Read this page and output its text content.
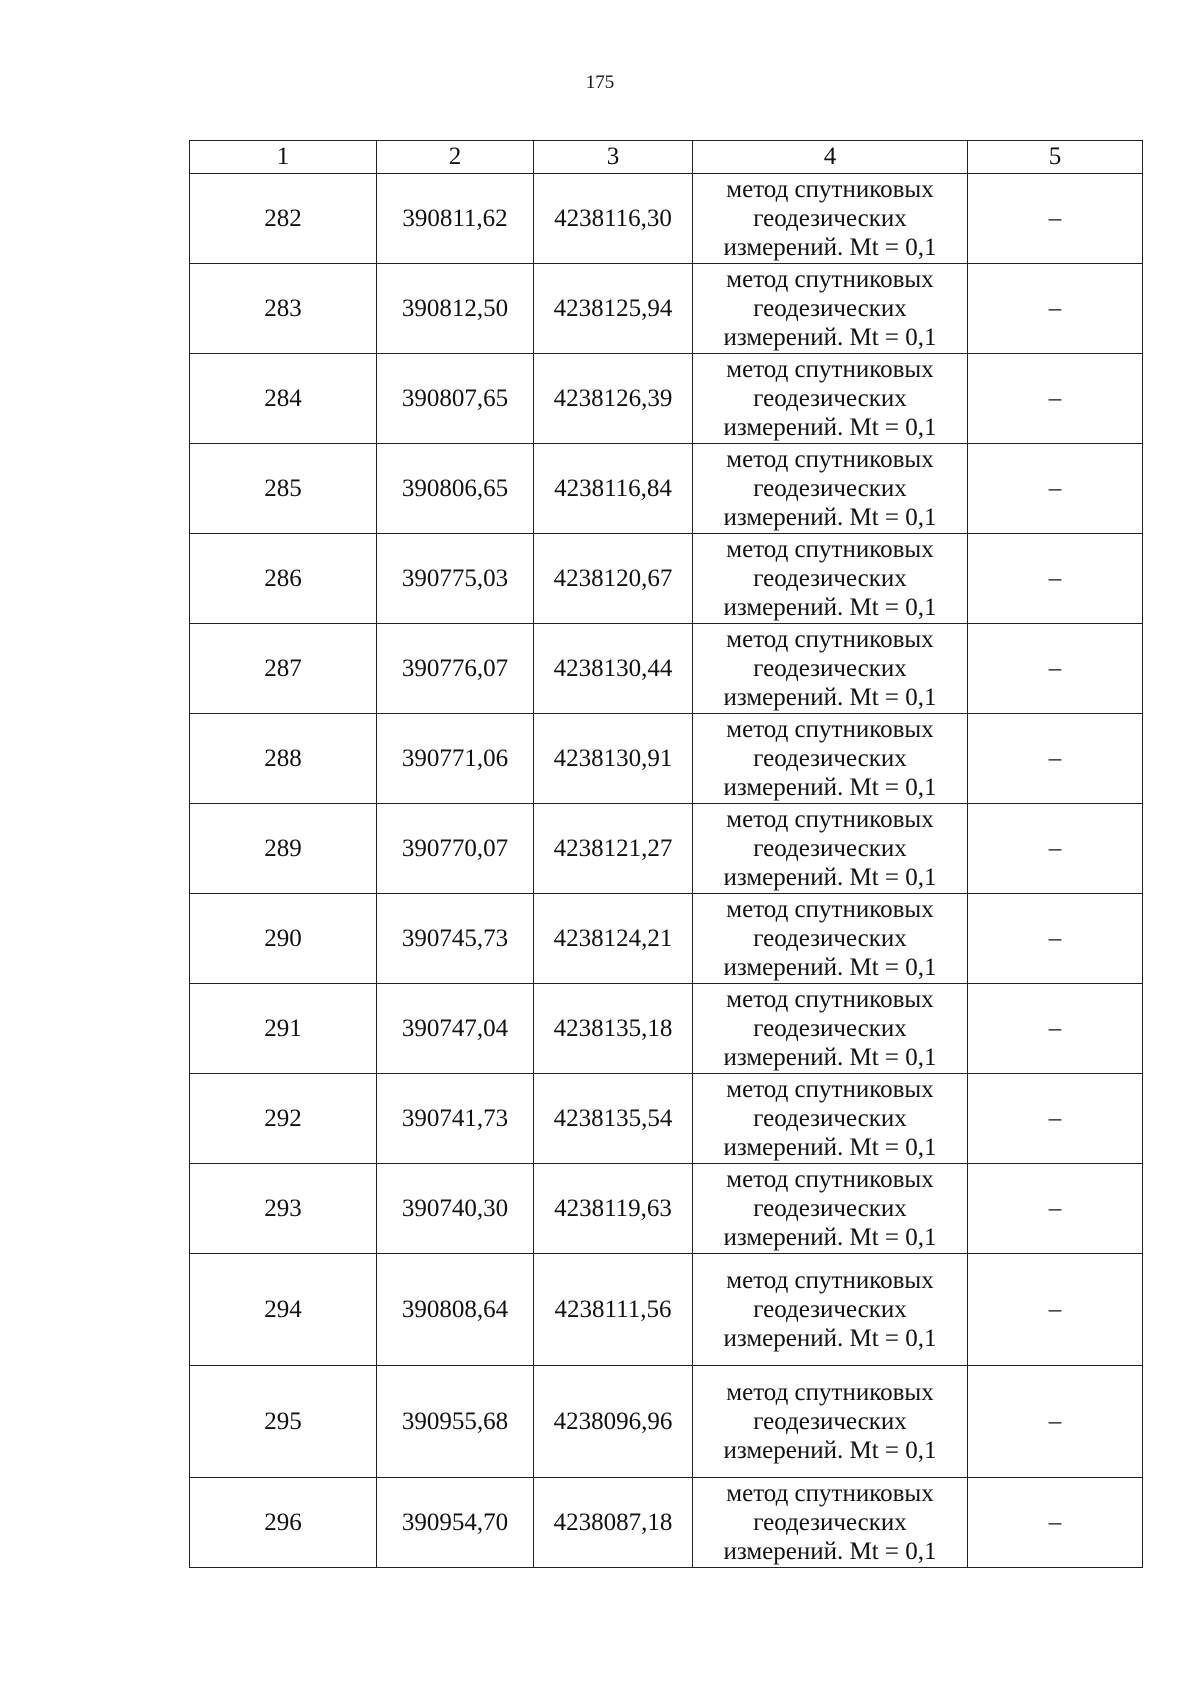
175
1	2	3	4	5
282	390811,62	4238116,30	метод спутниковых
геодезических
измерений. Mt = 0,1	–
283	390812,50	4238125,94	метод спутниковых
геодезических
измерений. Mt = 0,1	–
284	390807,65	4238126,39	метод спутниковых
геодезических
измерений. Mt = 0,1	–
285	390806,65	4238116,84	метод спутниковых
геодезических
измерений. Mt = 0,1	–
286	390775,03	4238120,67	метод спутниковых
геодезических
измерений. Mt = 0,1	–
287	390776,07	4238130,44	метод спутниковых
геодезических
измерений. Mt = 0,1	–
288	390771,06	4238130,91	метод спутниковых
геодезических
измерений. Mt = 0,1	–
289	390770,07	4238121,27	метод спутниковых
геодезических
измерений. Mt = 0,1	–
290	390745,73	4238124,21	метод спутниковых
геодезических
измерений. Mt = 0,1	–
291	390747,04	4238135,18	метод спутниковых
геодезических
измерений. Mt = 0,1	–
292	390741,73	4238135,54	метод спутниковых
геодезических
измерений. Mt = 0,1	–
293	390740,30	4238119,63	метод спутниковых
геодезических
измерений. Mt = 0,1	–
294	390808,64	4238111,56	метод спутниковых
геодезических
измерений. Mt = 0,1	–
295	390955,68	4238096,96	метод спутниковых
геодезических
измерений. Mt = 0,1	–
296	390954,70	4238087,18	метод спутниковых
геодезических
измерений. Mt = 0,1	–
